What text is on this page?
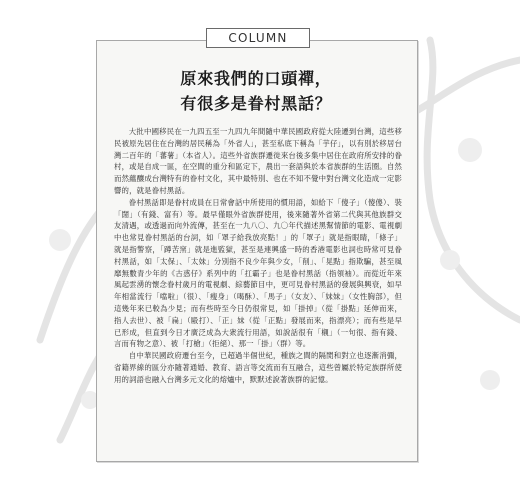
COLUMN
原來我們的口頭禪，
有很多是眷村黑話？

大批中國移民在一九四五至一九四九年間隨中華民國政府從大陸遷到台灣，這些移民被原先居住在台灣的居民稱為「外省人」，甚至私底下稱為「芋仔」，以有別於移居台灣二百年的「蕃薯」（本省人）。這些外省族群遷徙來台後多集中居住在政府所安排的眷村，或是自成一區，在空間的重分和區定下，農出一套語與於本省族群的生活圈。自然而然蘊釀成台灣特有的眷村文化，其中最特別、也在不知不覺中對台灣文化造成一定影響的，就是眷村黑話。

眷村黑話即是眷村成員在日常會話中所使用的慣用語，如給下「傻子」（傻傻）、裝「闊」（有錢、富有）等。最早僅眼外省族群使用，後來隨著外省第二代與其他族群交友清遇，或透過而向外流傳，甚至在一九八〇、九〇年代描述黑幫情節的電影、電視劇中也常見眷村黑話的台詞，如「罩子給我放亮點！」的「罩子」就是指眼睛，「條子」就是指警察，「蹲苦窯」就是進監獄，甚至是連興盛一時的香港電影也詞也時常可見眷村黑話，如「太保」、「太妹」分別指不良少年與少女，「削」、「晃點」指欺騙，甚至風靡無數青少年的《古惑仔》系列中的「扛霸子」也是眷村黑話（指領袖）。而從近年來風起雲湧的懷念眷村歲月的電視劇、綜藝節目中，更可見眷村黑話的發展與興衰，如早年相當流行「噹啦」（很）、「瘦身」（喝酥）、「馬子」（女友）、「妹妹」（女性胸部），但這幾年來已較為少見；而有些時至今日仍很常見，如「掛掉」（從「掛點」延伸而來，指人去世）、被「扁」（毆打）、「正」妹（從「正點」發展而來，指漂亮）；而有些是早已形成，但直到今日才廣泛成為大衆流行用語，如說話很有「櫬」（一句很、指有錢、言而有物之意）、被「打槍」（拒絕）、那一「掛」（群）等。

自中華民國政府遷台至今，已超過半個世紀，種族之間的隔閡和對立也逐漸消彌，省籍界線的區分亦隨著通婚、教育、語言等交流而有互融合，這些曾屬於特定族群所使用的詞語也融入台灣多元文化的熔爐中，默默述說著族群的記憶。
